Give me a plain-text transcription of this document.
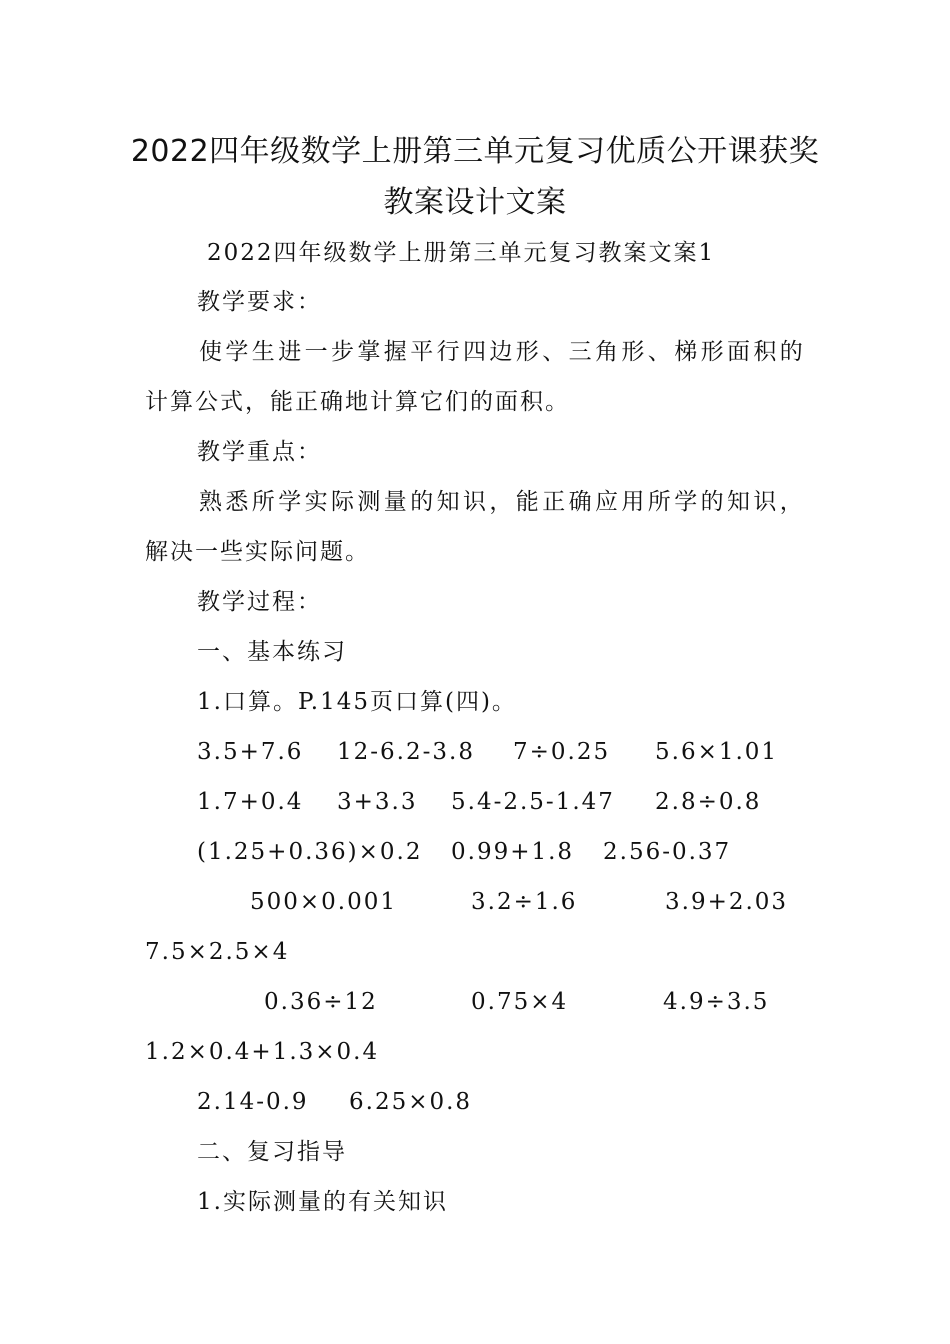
2022四年级数学上册第三单元复习优质公开课获奖
教案设计文案
2022四年级数学上册第三单元复习教案文案1
教学要求：
使学生进一步掌握平行四边形、三角形、梯形面积的
计算公式，能正确地计算它们的面积。
教学重点：
熟悉所学实际测量的知识，能正确应用所学的知识，
解决一些实际问题。
教学过程：
一、基本练习
1.口算。P.145页口算(四)。
3.5+7.6 12-6.2-3.8 7÷0.25 5.6×1.01
1.7+0.4 3+3.3 5.4-2.5-1.47 2.8÷0.8
(1.25+0.36)×0.2 0.99+1.8 2.56-0.37
500×0.001	3.2÷1.6	3.9+2.03
7.5×2.5×4
0.36÷12	0.75×4	4.9÷3.5
1.2×0.4+1.3×0.4
2.14-0.9 6.25×0.8
二、复习指导
1.实际测量的有关知识
